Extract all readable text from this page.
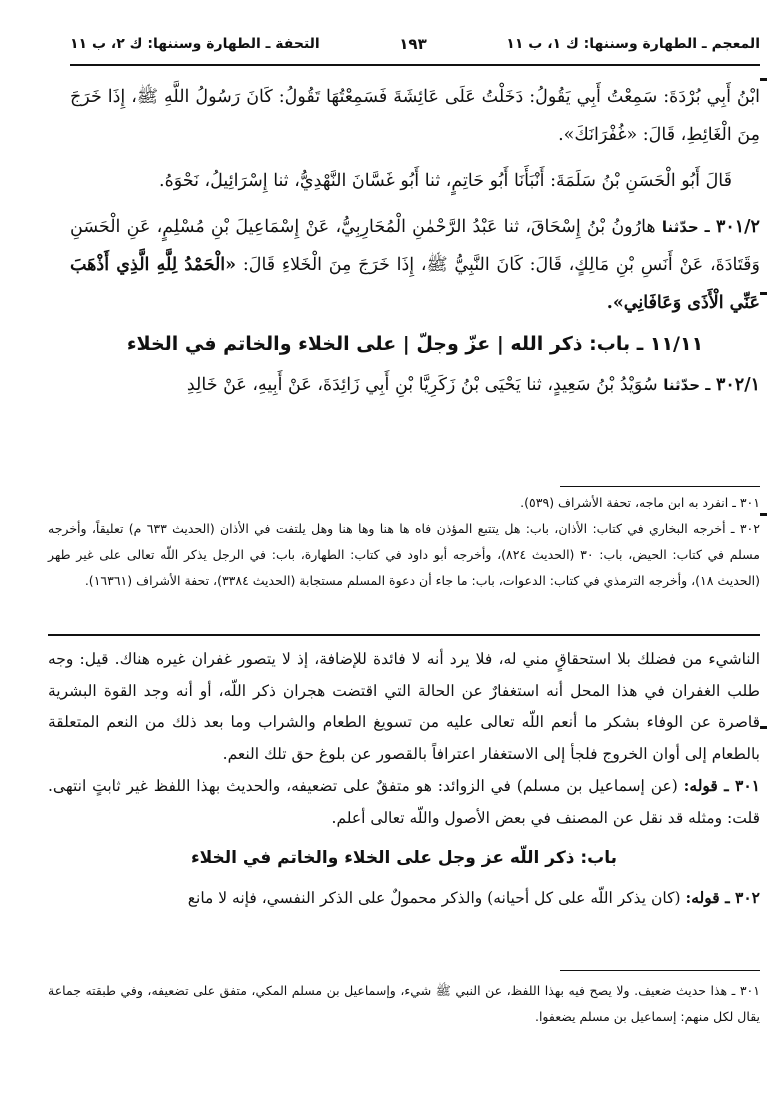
المعجم ـ الطهارة وسننها: ك ١، ب ١١
١٩٣
التحفة ـ الطهارة وسننها: ك ٢، ب ١١

ابْنُ أَبِي بُرْدَةَ: سَمِعْتُ أَبِي يَقُولُ: دَخَلْتُ عَلَى عَائِشَةَ فَسَمِعْتُهَا تَقُولُ: كَانَ رَسُولُ اللَّهِ ﷺ، إِذَا خَرَجَ مِنَ الْغَائِطِ، قَالَ: «غُفْرَانَكَ».

قَالَ أَبُو الْحَسَنِ بْنُ سَلَمَةَ: أَنْبَأَنَا أَبُو حَاتِمٍ، ثنا أَبُو غَسَّانَ النَّهْدِيُّ، ثنا إِسْرَائِيلُ، نَحْوَهُ.

٣٠١/٢ ـ حدّثنا هارُونُ بْنُ إِسْحَاقَ، ثنا عَبْدُ الرَّحْمٰنِ الْمُحَارِبِيُّ، عَنْ إِسْمَاعِيلَ بْنِ مُسْلِمٍ، عَنِ الْحَسَنِ وَقَتَادَةَ، عَنْ أَنَسِ بْنِ مَالِكٍ، قَالَ: كَانَ النَّبِيُّ ﷺ، إِذَا خَرَجَ مِنَ الْخَلاءِ قَالَ: «الْحَمْدُ لِلَّهِ الَّذِي أَذْهَبَ عَنِّي الْأَذَى وَعَافَانِي».

١١/١١ ـ باب: ذكر الله | عزّ وجلّ | على الخلاء والخاتم في الخلاء

٣٠٢/١ ـ حدّثنا سُوَيْدُ بْنُ سَعِيدٍ، ثنا يَحْيَى بْنُ زَكَرِيَّا بْنِ أَبِي زَائِدَةَ، عَنْ أَبِيهِ، عَنْ خَالِدِ

٣٠١ ـ انفرد به ابن ماجه، تحفة الأشراف (٥٣٩).

٣٠٢ ـ أخرجه البخاري في كتاب: الأذان، باب: هل يتتبع المؤذن فاه ها هنا وها هنا وهل يلتفت في الأذان (الحديث ٦٣٣ م) تعليقاً، وأخرجه مسلم في كتاب: الحيض، باب: ٣٠ (الحديث ٨٢٤)، وأخرجه أبو داود في كتاب: الطهارة، باب: في الرجل يذكر اللّه تعالى على غير طهر (الحديث ١٨)، وأخرجه الترمذي في كتاب: الدعوات، باب: ما جاء أن دعوة المسلم مستجابة (الحديث ٣٣٨٤)، تحفة الأشراف (١٦٣٦١).

الناشيء من فضلك بلا استحقاقٍ مني له، فلا يرد أنه لا فائدة للإضافة، إذ لا يتصور غفران غيره هناك. قيل: وجه طلب الغفران في هذا المحل أنه استغفارٌ عن الحالة التي اقتضت هجران ذكر اللّه، أو أنه وجد القوة البشرية قاصرة عن الوفاء بشكر ما أنعم اللّه تعالى عليه من تسويغ الطعام والشراب وما بعد ذلك من النعم المتعلقة بالطعام إلى أوان الخروج فلجأ إلى الاستغفار اعترافاً بالقصور عن بلوغ حق تلك النعم.

٣٠١ ـ قوله: (عن إسماعيل بن مسلم) في الزوائد: هو متفقٌ على تضعيفه، والحديث بهذا اللفظ غير ثابتٍ انتهى. قلت: ومثله قد نقل عن المصنف في بعض الأصول واللّه تعالى أعلم.

باب: ذكر اللّه عز وجل على الخلاء والخاتم في الخلاء

٣٠٢ ـ قوله: (كان يذكر اللّه على كل أحيانه) والذكر محمولٌ على الذكر النفسي، فإنه لا مانع

٣٠١ ـ هذا حديث ضعيف. ولا يصح فيه بهذا اللفظ، عن النبي ﷺ شيء، وإسماعيل بن مسلم المكي، متفق على تضعيفه، وفي طبقته جماعة يقال لكل منهم: إسماعيل بن مسلم يضعفوا.
